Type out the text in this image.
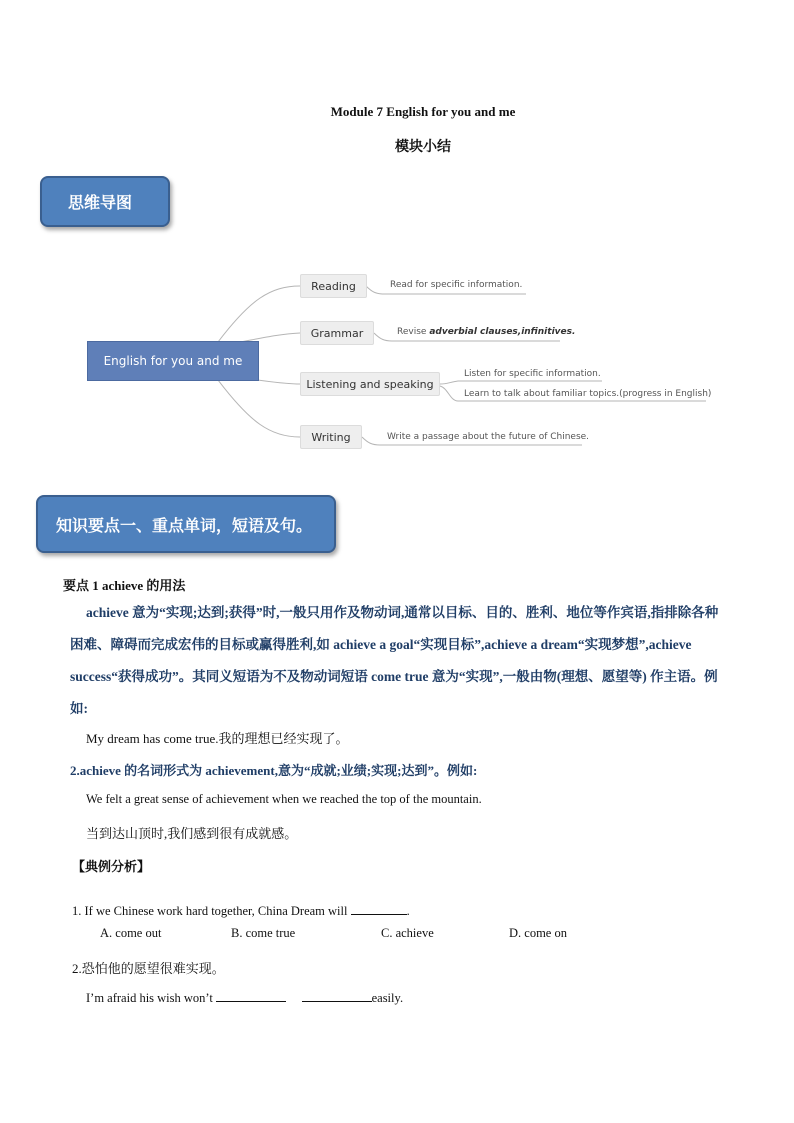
Module 7 English for you and me
模块小结
思维导图
English for you and me
Reading	Read for specific information.
Grammar	Revise adverbial clauses,infinitives.
Listening and speaking
Listen for specific information.
Learn to talk about familiar topics.(progress in English)
Writing	Write a passage about the future of Chinese.
知识要点一、重点单词，短语及句。
要点 1 achieve 的用法
achieve 意为“实现;达到;获得”时,一般只用作及物动词,通常以目标、目的、胜利、地位等作宾语,指排除各种困难、障碍而完成宏伟的目标或赢得胜利,如 achieve a goal“实现目标”,achieve a dream“实现梦想”,achieve success“获得成功”。其同义短语为不及物动词短语 come true 意为“实现”,一般由物(理想、愿望等) 作主语。例如:
My dream has come true.我的理想已经实现了。
2.achieve 的名词形式为 achievement,意为“成就;业绩;实现;达到”。例如:
We felt a great sense of achievement when we reached the top of the mountain.
当到达山顶时,我们感到很有成就感。
【典例分析】
1. If we Chinese work hard together, China Dream will	.
A. come out	B. come true	C. achieve	D. come on
2.恐怕他的愿望很难实现。
I’m afraid his wish won’t	easily.
